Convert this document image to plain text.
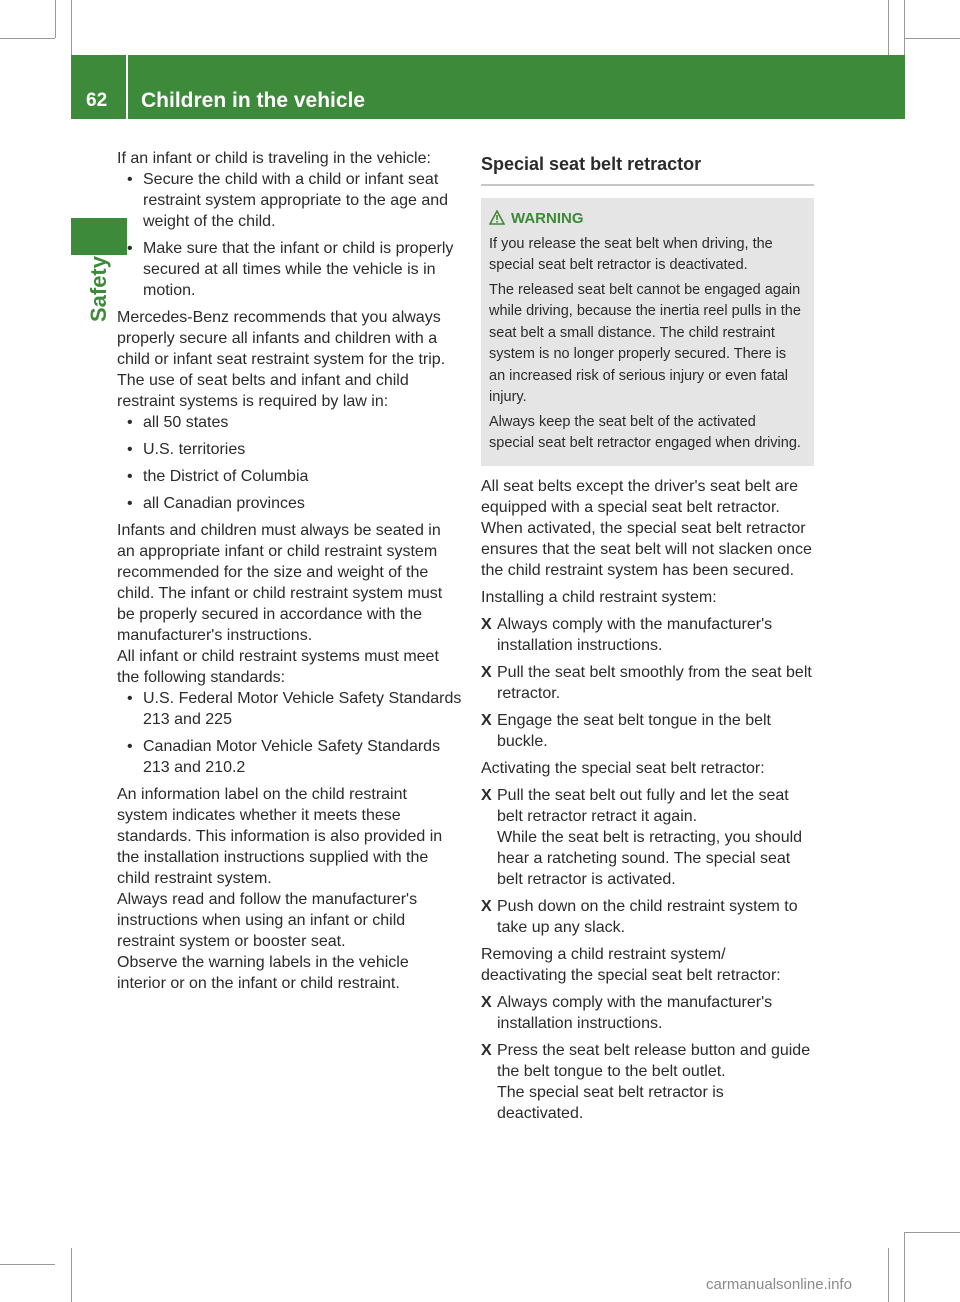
62 Children in the vehicle
Safety
If an infant or child is traveling in the vehicle:
• Secure the child with a child or infant seat restraint system appropriate to the age and weight of the child.
• Make sure that the infant or child is properly secured at all times while the vehicle is in motion.
Mercedes-Benz recommends that you always properly secure all infants and children with a child or infant seat restraint system for the trip.
The use of seat belts and infant and child restraint systems is required by law in:
• all 50 states
• U.S. territories
• the District of Columbia
• all Canadian provinces
Infants and children must always be seated in an appropriate infant or child restraint system recommended for the size and weight of the child. The infant or child restraint system must be properly secured in accordance with the manufacturer's instructions.
All infant or child restraint systems must meet the following standards:
• U.S. Federal Motor Vehicle Safety Standards 213 and 225
• Canadian Motor Vehicle Safety Standards 213 and 210.2
An information label on the child restraint system indicates whether it meets these standards. This information is also provided in the installation instructions supplied with the child restraint system.
Always read and follow the manufacturer's instructions when using an infant or child restraint system or booster seat.
Observe the warning labels in the vehicle interior or on the infant or child restraint.
Special seat belt retractor
WARNING

If you release the seat belt when driving, the special seat belt retractor is deactivated.

The released seat belt cannot be engaged again while driving, because the inertia reel pulls in the seat belt a small distance. The child restraint system is no longer properly secured. There is an increased risk of serious injury or even fatal injury.

Always keep the seat belt of the activated special seat belt retractor engaged when driving.

All seat belts except the driver's seat belt are equipped with a special seat belt retractor. When activated, the special seat belt retractor ensures that the seat belt will not slacken once the child restraint system has been secured.

Installing a child restraint system:

X Always comply with the manufacturer's installation instructions.
X Pull the seat belt smoothly from the seat belt retractor.
X Engage the seat belt tongue in the belt buckle.

Activating the special seat belt retractor:

X Pull the seat belt out fully and let the seat belt retractor retract it again.
While the seat belt is retracting, you should hear a ratcheting sound. The special seat belt retractor is activated.
X Push down on the child restraint system to take up any slack.

Removing a child restraint system/ deactivating the special seat belt retractor:

X Always comply with the manufacturer's installation instructions.
X Press the seat belt release button and guide the belt tongue to the belt outlet.
The special seat belt retractor is deactivated.
carmanualsonline.info
